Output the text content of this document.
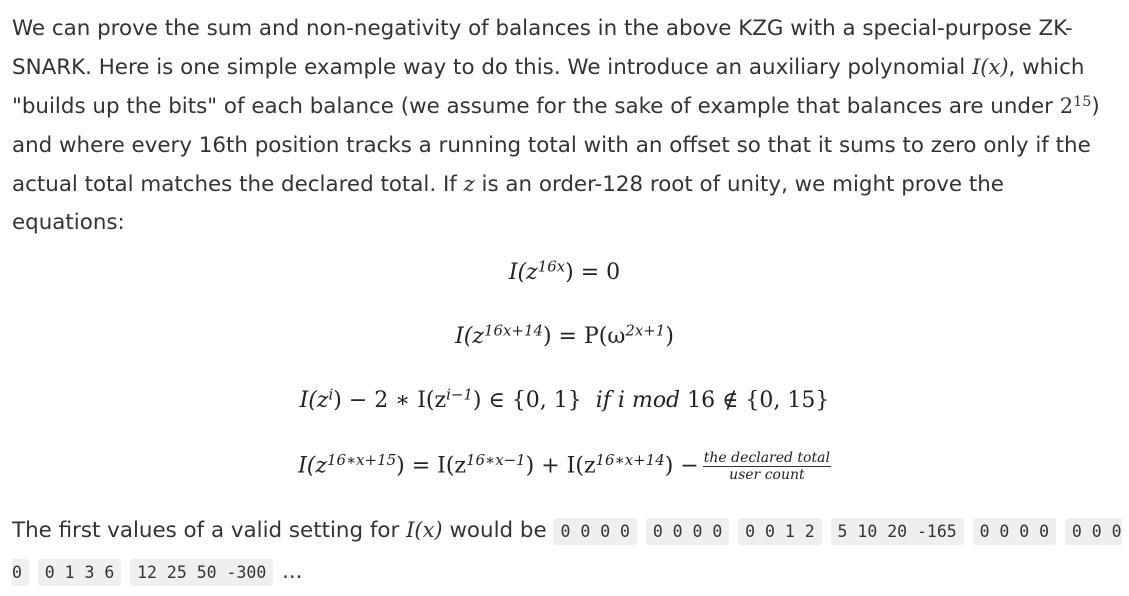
We can prove the sum and non-negativity of balances in the above KZG with a special-purpose ZK-SNARK. Here is one simple example way to do this. We introduce an auxiliary polynomial I(x), which "builds up the bits" of each balance (we assume for the sake of example that balances are under $2^{15}$) and where every 16th position tracks a running total with an offset so that it sums to zero only if the actual total matches the declared total. If z is an order-128 root of unity, we might prove the equations:

$I(z^{16x}) = 0$
$I(z^{16x+14}) = P(\omega^{2x+1})$
$I(z^i) - 2$ ∗ $I(z^{i-1})$ ∈ {0, 1} if i mod 16 ∉ {0, 15}
$I(z^{16∗x+15}) = I(z^{16∗x-1}) + I(z^{16∗x+14}) - \frac{\text{the declared total}}{\text{user count}}$
The first values of a valid setting for I(x) would be 0 0 0 0 0 0 0 0 0 0 1 2 5 10 20 -165 0 0 0 0 0 0 0 0 0 1 3 6 12 25 50 -300 ...
